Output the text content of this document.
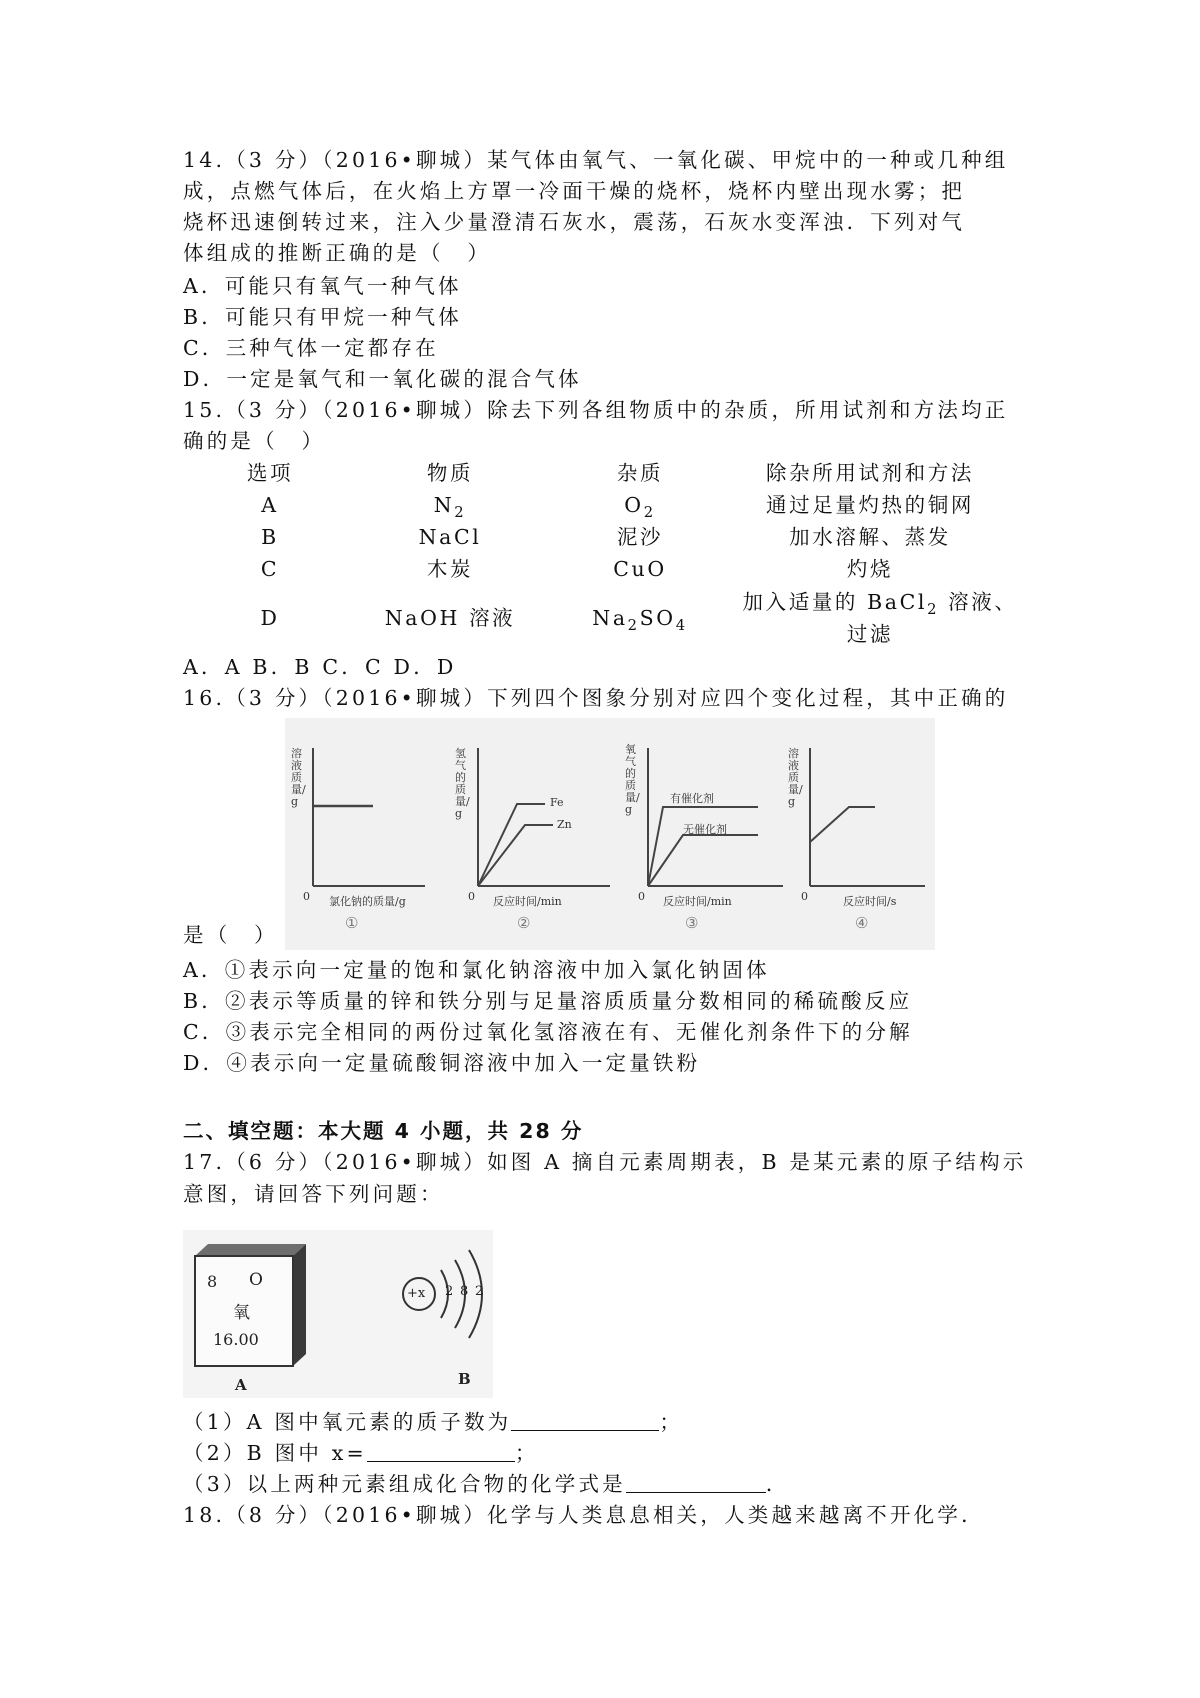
14.（3 分）（2016•聊城）某气体由氧气、一氧化碳、甲烷中的一种或几种组
成，点燃气体后，在火焰上方罩一冷面干燥的烧杯，烧杯内壁出现水雾；把
烧杯迅速倒转过来，注入少量澄清石灰水，震荡，石灰水变浑浊．下列对气
体组成的推断正确的是（　）
A．可能只有氧气一种气体
B．可能只有甲烷一种气体
C．三种气体一定都存在
D．一定是氧气和一氧化碳的混合气体
15.（3 分）（2016•聊城）除去下列各组物质中的杂质，所用试剂和方法均正
确的是（　）
选项	物质	杂质	除杂所用试剂和方法
A	$N_2$	$O_2$	通过足量灼热的铜网
B	NaCl	泥沙	加水溶解、蒸发
C	木炭	CuO	灼烧
D	NaOH 溶液	$Na_2SO_4$
加入适量的 BaCl$_2$ 溶液、
过滤
A．A B．B C．C D．D
16.（3 分）（2016•聊城）下列四个图象分别对应四个变化过程，其中正确的
溶液质量/g
0 氯化钠的质量/g
①
氢气的质量/g
0 反应时间/min
Fe
Zn
②
氧气的质量/g
0 反应时间/min
有催化剂
无催化剂
③
溶液质量/g
0	反应时间/s
④
是（　）
A．①表示向一定量的饱和氯化钠溶液中加入氯化钠固体
B．②表示等质量的锌和铁分别与足量溶质质量分数相同的稀硫酸反应
C．③表示完全相同的两份过氧化氢溶液在有、无催化剂条件下的分解
D．④表示向一定量硫酸铜溶液中加入一定量铁粉
二、填空题：本大题 4 小题，共 28 分
17.（6 分）（2016•聊城）如图 A 摘自元素周期表，B 是某元素的原子结构示
意图，请回答下列问题：
8 O
氧
16.00
A
+x 2 8 2
B
（1）A 图中氧元素的质子数为	；
（2）B 图中 x=	；
（3）以上两种元素组成化合物的化学式是	．
18.（8 分）（2016•聊城）化学与人类息息相关，人类越来越离不开化学．
